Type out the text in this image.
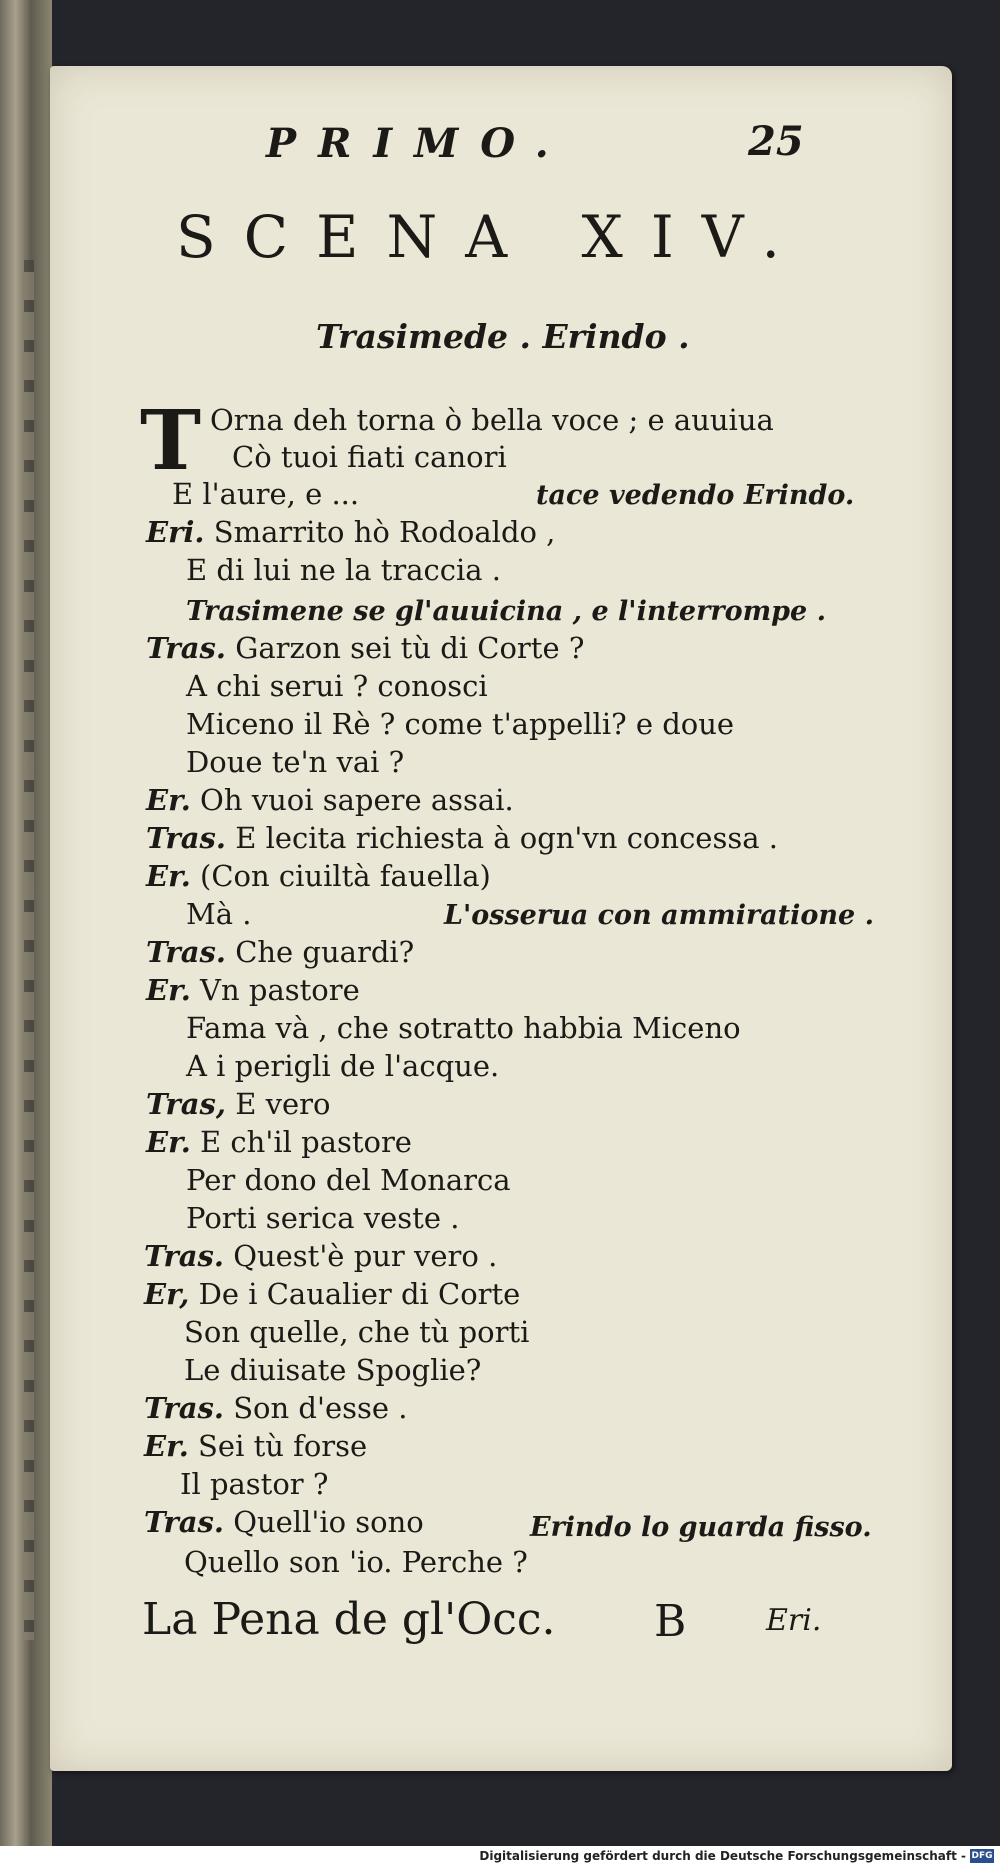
PRIMO.	25
SCENA XIV.
Trasimede . Erindo .
T Orna deh torna ò bella voce ; e auuiua
Cò tuoi fiati canori
E l'aure, e ...	tace vedendo Erindo.
Eri. Smarrito hò Rodoaldo ,
E di lui ne la traccia .
Trasimene se gl'auuicina , e l'interrompe .
Tras. Garzon sei tù di Corte ?
A chi serui ? conosci
Miceno il Rè ? come t'appelli? e doue
Doue te'n vai ?
Er. Oh vuoi sapere assai.
Tras. E lecita richiesta à ogn'vn concessa .
Er. (Con ciuiltà fauella)
Mà .	L'osserua con ammiratione .
Tras. Che guardi?
Er. Vn pastore
Fama và , che sotratto habbia Miceno
A i perigli de l'acque.
Tras, E vero
Er. E ch'il pastore
Per dono del Monarca
Porti serica veste .
Tras. Quest'è pur vero .
Er, De i Caualier di Corte
Son quelle, che tù porti
Le diuisate Spoglie?
Tras. Son d'esse .
Er. Sei tù forse
Il pastor ?
Tras. Quell'io sono	Erindo lo guarda fisso.
Quello son 'io. Perche ?
La Pena de gl'Occ. B	Eri.
Digitalisierung gefördert durch die Deutsche Forschungsgemeinschaft - DFG
